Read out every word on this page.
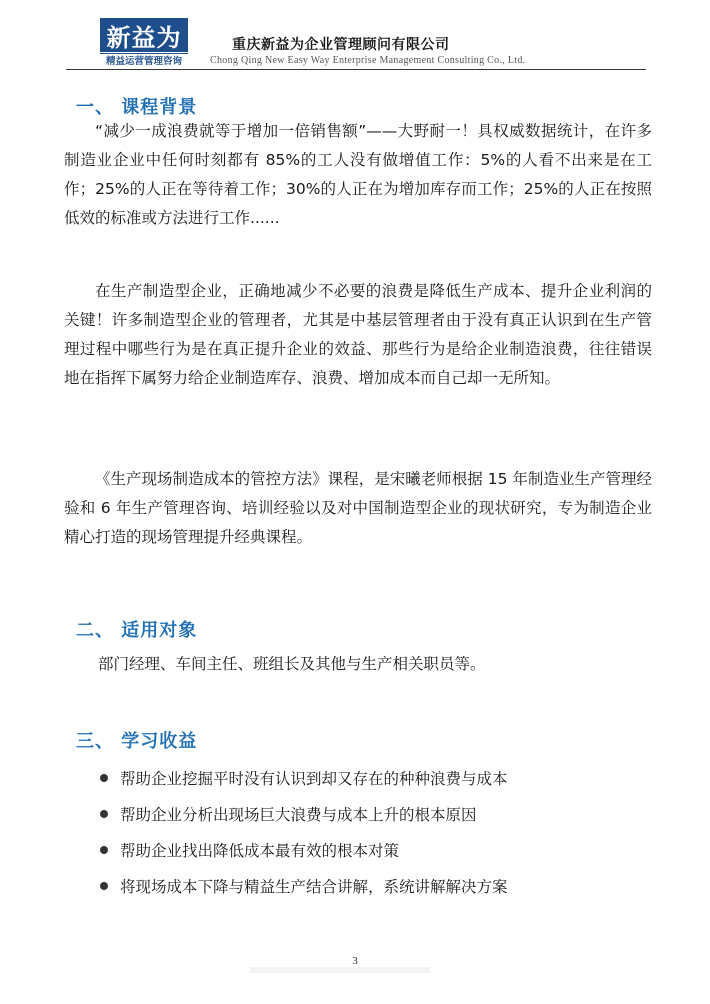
新益为
精益运营管理咨询
重庆新益为企业管理顾问有限公司
Chong Qing New Easy Way Enterprise Management Consulting Co., Ltd.
一、 课程背景

“减少一成浪费就等于增加一倍销售额”——大野耐一！具权威数据统计，在许多制造业企业中任何时刻都有 85%的工人没有做增值工作：5%的人看不出来是在工作；25%的人正在等待着工作；30%的人正在为增加库存而工作；25%的人正在按照低效的标准或方法进行工作......

在生产制造型企业，正确地减少不必要的浪费是降低生产成本、提升企业利润的关键！许多制造型企业的管理者，尤其是中基层管理者由于没有真正认识到在生产管理过程中哪些行为是在真正提升企业的效益、那些行为是给企业制造浪费，往往错误地在指挥下属努力给企业制造库存、浪费、增加成本而自己却一无所知。

《生产现场制造成本的管控方法》课程，是宋曦老师根据 15 年制造业生产管理经验和 6 年生产管理咨询、培训经验以及对中国制造型企业的现状研究，专为制造企业精心打造的现场管理提升经典课程。

二、 适用对象
部门经理、车间主任、班组长及其他与生产相关职员等。
三、 学习收益
帮助企业挖掘平时没有认识到却又存在的种种浪费与成本
帮助企业分析出现场巨大浪费与成本上升的根本原因
帮助企业找出降低成本最有效的根本对策
将现场成本下降与精益生产结合讲解，系统讲解解决方案
3
